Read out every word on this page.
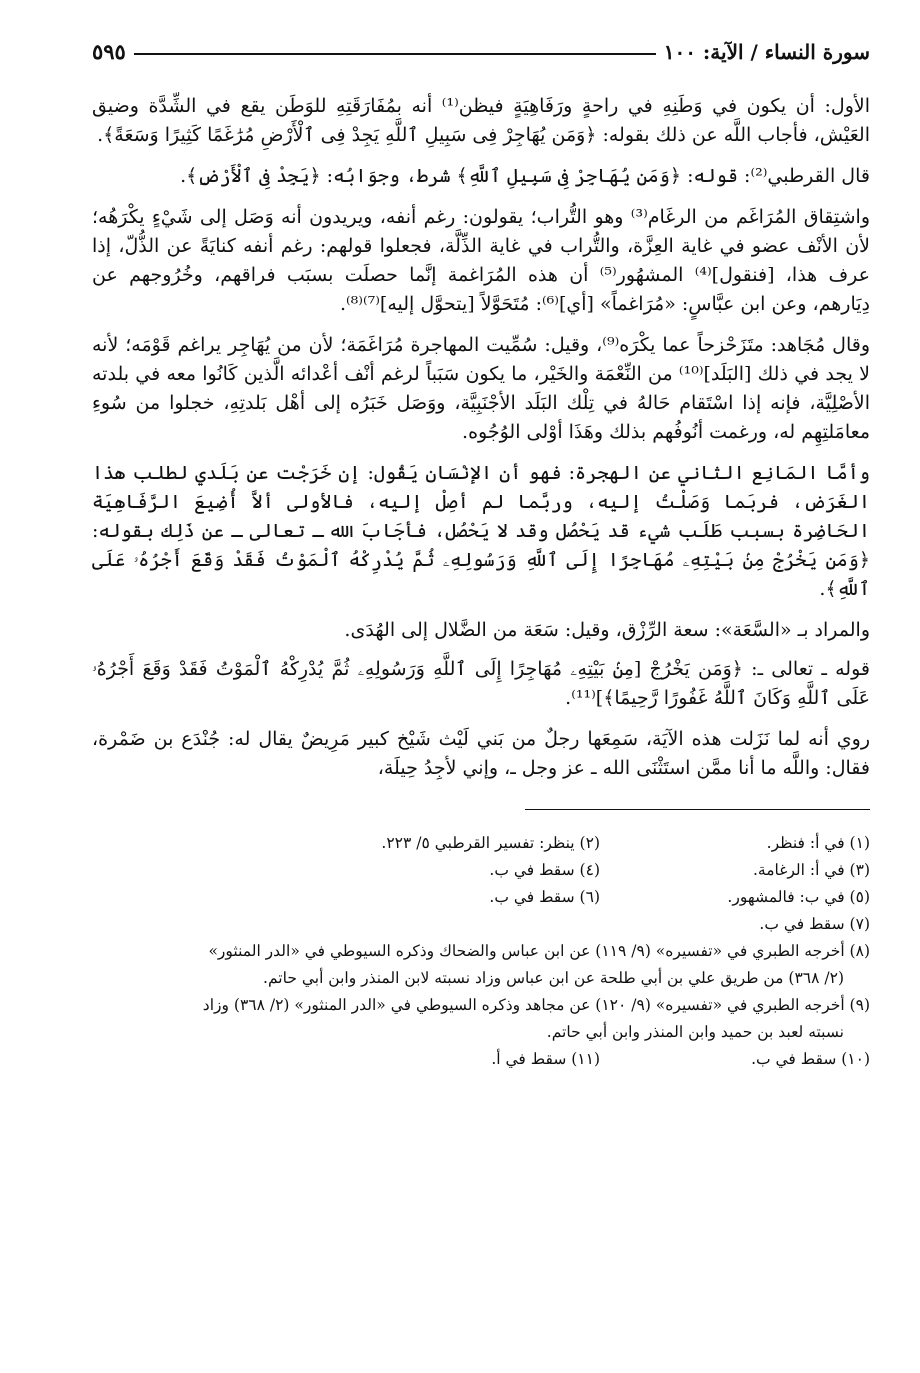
سورة النساء / الآية: ١٠٠
٥٩٥

الأول: أن يكون في وَطَنِهِ في راحةٍ ورَفَاهِيَةٍ فيظن⁽¹⁾ أنه بمُفَارَقَتِهِ للوَطَن يقع في الشِّدَّة وضيق العَيْش، فأجاب اللَّه عن ذلك بقوله: ﴿وَمَن يُهَاجِرْ فِى سَبِيلِ ٱللَّهِ يَجِدْ فِى ٱلْأَرْضِ مُرَٰغَمًا كَثِيرًا وَسَعَةً﴾.

قال القرطبي⁽²⁾: قوله: ﴿وَمَن يُهَاجِرْ فِى سَبِيلِ ٱللَّهِ﴾ شرط، وجوَابُه: ﴿يَجِدْ فِى ٱلْأَرْضِ﴾.

واشتِقاق المُرَاغَم من الرغَام⁽³⁾ وهو التُّراب؛ يقولون: رغم أنفه، ويريدون أنه وَصَل إلى شَيْءٍ يكْرَهُه؛ لأن الأنْف عضو في غاية العِزَّة، والتُّراب في غاية الذِّلَّة، فجعلوا قولهم: رغم أنفه كنايَةً عن الذُّلّ، إذا عرف هذا، [فنقول]⁽⁴⁾ المشهُور⁽⁵⁾ أن هذه المُرَاغمة إنَّما حصلَت بسبَب فراقهم، وخُرُوجهم عن دِيَارهم، وعن ابن عبَّاسٍ: «مُرَاغماً» [أي]⁽⁶⁾: مُتَحَوَّلاً [يتحوَّل إليه]⁽⁷⁾⁽⁸⁾.

وقال مُجَاهد: متَزَحْزحاً عما يكْرَه⁽⁹⁾، وقيل: سُمِّيت المهاجرة مُرَاغَمَة؛ لأن من يُهَاجِر يراغم قَوْمَه؛ لأنه لا يجد في ذلك [البَلَد]⁽¹⁰⁾ من النِّعْمَة والخَيْر، ما يكون سَبَباً لرغم أنْف أعْدائه الَّذين كَانُوا معه في بلدته الأصْلِيَّة، فإنه إذا اسْتَقام حَالهُ في تِلْك البَلَد الأجْنَبِيَّة، ووَصَل خَبَرُه إلى أهْل بَلدتِهِ، خجلوا من سُوءِ معامَلتِهِم له، ورغمت أنُوفُهم بذلك وهَذَا أوْلى الوُجُوه.

وأمَّا المَانِع الثاني عن الهجرة: فهو أن الإنْسَان يَقُول: إن خَرَجْت عن بَلَدي لطلب هذا الغَرَض، فربَما وَصَلْتُ إليه، وربَّما لم أصِلْ إليه، فالأولى ألاَّ أُضِيعَ الرَّفَاهِيَة الحَاضِرة بسبب طَلَب شيء قد يَحْصُل وقد لا يَحْصُل، فأجَابَ الله ـ تعالى ـ عن ذَلِك بقوله: ﴿وَمَن يَخْرُجْ مِنۢ بَيْتِهِۦ مُهَاجِرًا إِلَى ٱللَّهِ وَرَسُولِهِۦ ثُمَّ يُدْرِكْهُ ٱلْمَوْتُ فَقَدْ وَقَعَ أَجْرُهُۥ عَلَى ٱللَّهِ﴾.

والمراد بـ «السَّعَة»: سعة الرِّزْق، وقيل: سَعَة من الضَّلال إلى الهُدَى.

قوله ـ تعالى ـ: ﴿وَمَن يَخْرُجْ [مِنۢ بَيْتِهِۦ مُهَاجِرًا إِلَى ٱللَّهِ وَرَسُولِهِۦ ثُمَّ يُدْرِكْهُ ٱلْمَوْتُ فَقَدْ وَقَعَ أَجْرُهُۥ عَلَى ٱللَّهِ وَكَانَ ٱللَّهُ غَفُورًا رَّحِيمًا﴾]⁽¹¹⁾.

روي أنه لما نَزَلت هذه الآيَة، سَمِعَها رجلٌ من بَني لَيْث شَيْخ كبير مَرِيضٌ يقال له: جُنْدَع بن ضَمْرة، فقال: واللَّه ما أنا ممَّن استَثْنَى الله ـ عز وجل ـ، وإني لأجِدُ حِيلَة،

(١) في أ: فنظر.
(٢) ينظر: تفسير القرطبي ٥/ ٢٢٣.
(٣) في أ: الرغامة.
(٤) سقط في ب.
(٥) في ب: فالمشهور.
(٦) سقط في ب.
(٧) سقط في ب.
(٨) أخرجه الطبري في «تفسيره» (٩/ ١١٩) عن ابن عباس والضحاك وذكره السيوطي في «الدر المنثور»
(٢/ ٣٦٨) من طريق علي بن أبي طلحة عن ابن عباس وزاد نسبته لابن المنذر وابن أبي حاتم.
(٩) أخرجه الطبري في «تفسيره» (٩/ ١٢٠) عن مجاهد وذكره السيوطي في «الدر المنثور» (٢/ ٣٦٨) وزاد
نسبته لعبد بن حميد وابن المنذر وابن أبي حاتم.
(١٠) سقط في ب.
(١١) سقط في أ.
